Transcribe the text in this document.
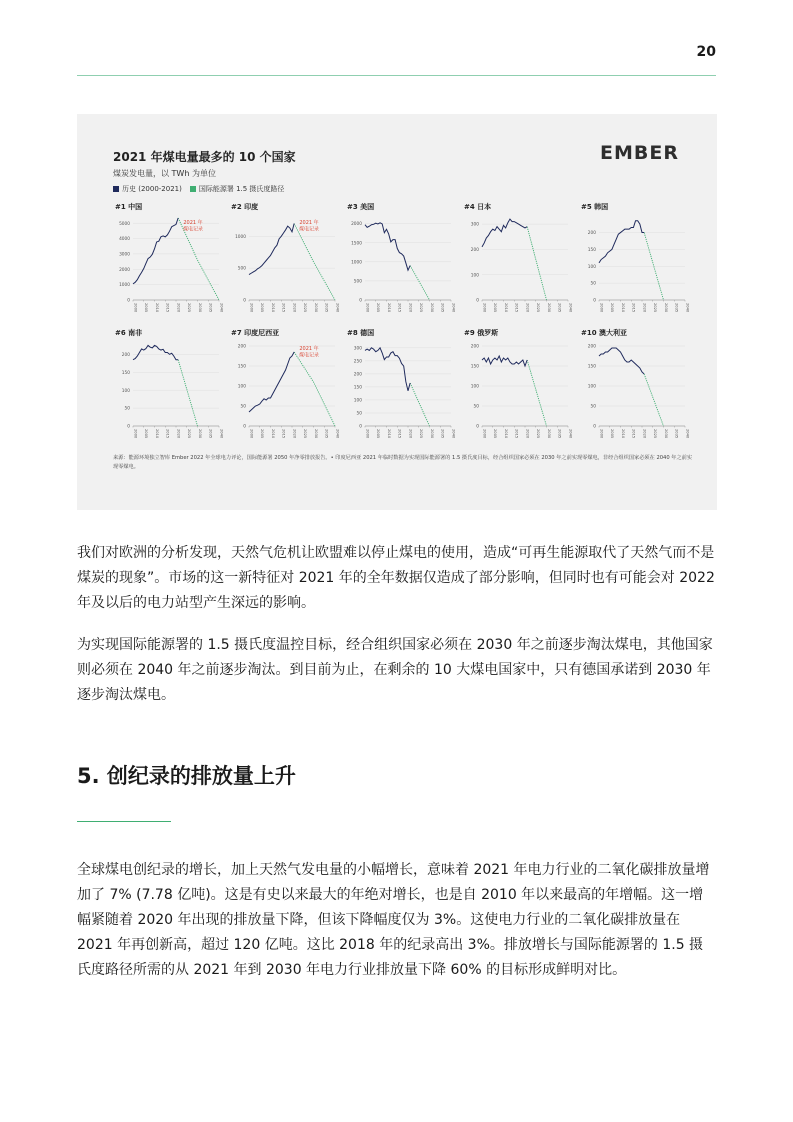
20
2021 年煤电量最多的 10 个国家
煤炭发电量，以 TWh 为单位
历史 (2000-2021)	国际能源署 1.5 摄氏度路径
EMBER
#1 中国
0
1000
2000
3000
4000
5000
2000 2005 2010 2015 2020 2025 2030 2035 2040
2021 年
煤电记录
#2 印度
0
500
1000
2000 2005 2010 2015 2020 2025 2030 2035 2040
2021 年
煤电记录
#3 美国
0
500
1000
1500
2000
2000 2005 2010 2015 2020 2025 2030 2035 2040
#4 日本
0
100
200
300
2000 2005 2010 2015 2020 2025 2030 2035 2040
#5 韩国
0
50
100
150
200
2000 2005 2010 2015 2020 2025 2030 2035 2040
#6 南非
0
50
100
150
200
2000 2005 2010 2015 2020 2025 2030 2035 2040
#7 印度尼西亚
0
50
100
150
200
2000 2005 2010 2015 2020 2025 2030 2035 2040
2021 年
煤电记录
#8 德国
0
50
100
150
200
250
300
2000 2005 2010 2015 2020 2025 2030 2035 2040
#9 俄罗斯
0
50
100
150
200
2000 2005 2010 2015 2020 2025 2030 2035 2040
#10 澳大利亚
0
50
100
150
200
2000 2005 2010 2015 2020 2025 2030 2035 2040
来源：能源环境独立智库 Ember 2022 年全球电力评论，国际能源署 2050 年净零排放报告。• 印度尼西亚 2021 年临时数据为实现国际能源署的 1.5 摄氏度目标，经合组织国家必须在 2030 年之前实现零煤电，非经合组织国家必须在 2040 年之前实现零煤电。

我们对欧洲的分析发现，天然气危机让欧盟难以停止煤电的使用，造成“可再生能源取代了天然气而不是煤炭的现象”。市场的这一新特征对 2021 年的全年数据仅造成了部分影响，但同时也有可能会对 2022 年及以后的电力站型产生深远的影响。

为实现国际能源署的 1.5 摄氏度温控目标，经合组织国家必须在 2030 年之前逐步淘汰煤电，其他国家则必须在 2040 年之前逐步淘汰。到目前为止，在剩余的 10 大煤电国家中，只有德国承诺到 2030 年逐步淘汰煤电。

5. 创纪录的排放量上升

全球煤电创纪录的增长，加上天然气发电量的小幅增长，意味着 2021 年电力行业的二氧化碳排放量增加了 7% (7.78 亿吨)。这是有史以来最大的年绝对增长，也是自 2010 年以来最高的年增幅。这一增幅紧随着 2020 年出现的排放量下降，但该下降幅度仅为 3%。这使电力行业的二氧化碳排放量在 2021 年再创新高，超过 120 亿吨。这比 2018 年的纪录高出 3%。排放增长与国际能源署的 1.5 摄氏度路径所需的从 2021 年到 2030 年电力行业排放量下降 60% 的目标形成鲜明对比。
